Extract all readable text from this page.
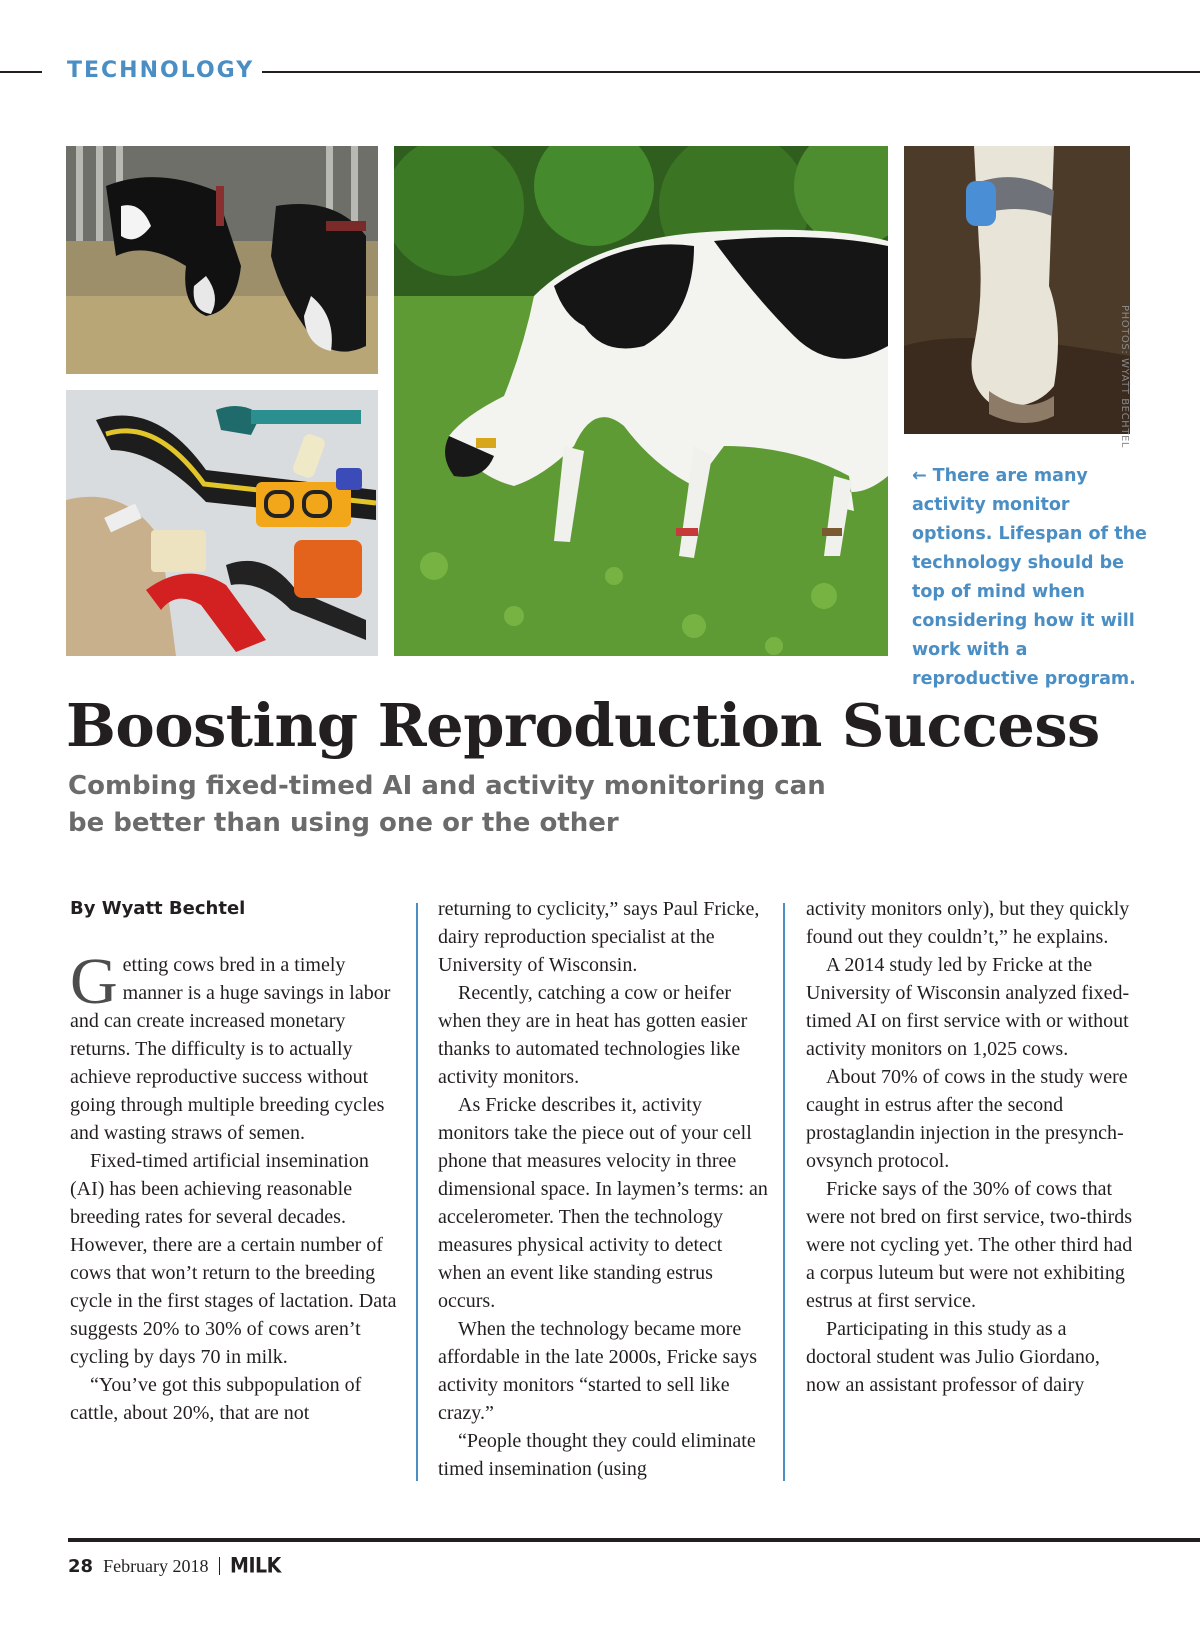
TECHNOLOGY
PHOTOS: WYATT BECHTEL
← There are many activity monitor options. Lifespan of the technology should be top of mind when considering how it will work with a reproductive program.
Boosting Reproduction Success

Combing fixed-timed AI and activity monitoring can
be better than using one or the other

By Wyatt Bechtel

Getting cows bred in a timely manner is a huge savings in labor and can create increased monetary returns. The difficulty is to actually achieve reproductive success without going through multiple breeding cycles and wasting straws of semen.

Fixed-timed artificial insemination (AI) has been achieving reasonable breeding rates for several decades. However, there are a certain number of cows that won’t return to the breeding cycle in the first stages of lactation. Data suggests 20% to 30% of cows aren’t cycling by days 70 in milk.

“You’ve got this subpopulation of cattle, about 20%, that are not

returning to cyclicity,” says Paul Fricke, dairy reproduction specialist at the University of Wisconsin.

Recently, catching a cow or heifer when they are in heat has gotten easier thanks to automated technologies like activity monitors.

As Fricke describes it, activity monitors take the piece out of your cell phone that measures velocity in three dimensional space. In laymen’s terms: an accelerometer. Then the technology measures physical activity to detect when an event like standing estrus occurs.

When the technology became more affordable in the late 2000s, Fricke says activity monitors “started to sell like crazy.”

“People thought they could eliminate timed insemination (using

activity monitors only), but they quickly found out they couldn’t,” he explains.

A 2014 study led by Fricke at the University of Wisconsin analyzed fixed-timed AI on first service with or without activity monitors on 1,025 cows.

About 70% of cows in the study were caught in estrus after the second prostaglandin injection in the presynch-ovsynch protocol.

Fricke says of the 30% of cows that were not bred on first service, two-thirds were not cycling yet. The other third had a corpus luteum but were not exhibiting estrus at first service.

Participating in this study as a doctoral student was Julio Giordano, now an assistant professor of dairy

28 February 2018 MILK
